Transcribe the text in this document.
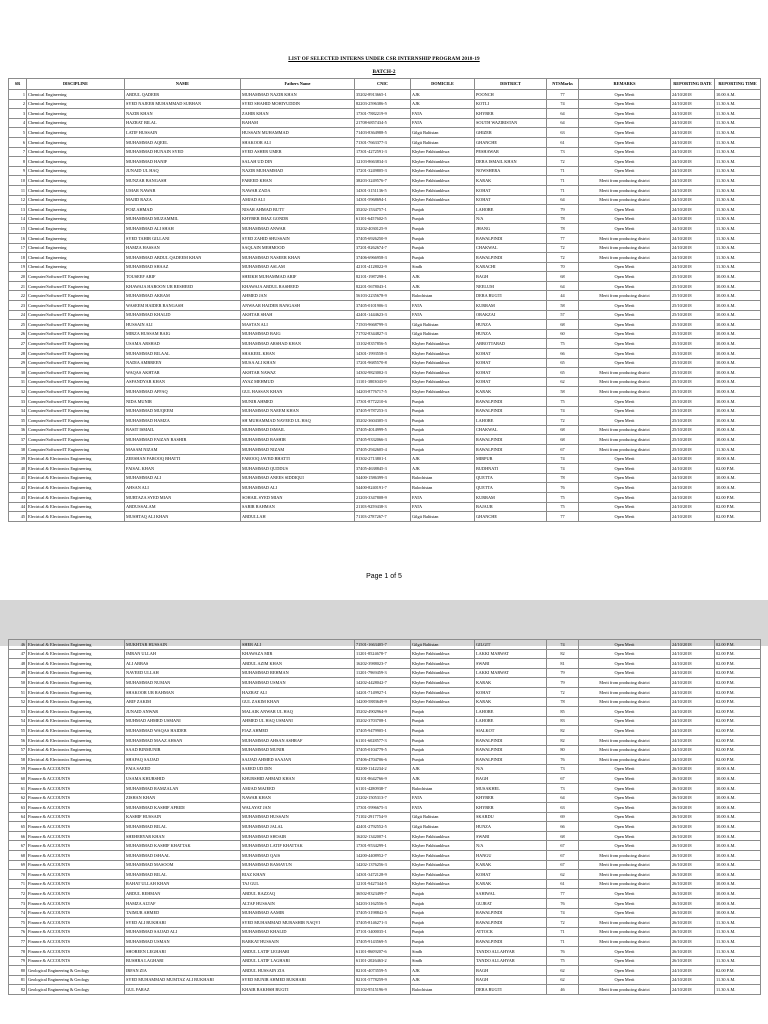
LIST OF SELECTED INTERNS UNDER CSR INTERNSHIP PROGRAM 2018-19
BATCH-2
SR	DISCIPLINE	NAME	Fathers Name	CNIC	DOMICILE	DISTRICT	NTSMarks	REMARKS	REPORTING DATE	REPORTING TIME
1	Chemical Engineering	ABDUL QADEER	MUHAMMAD NAZIR KHAN	35202-8913665-1	AJK	POONCH	77	Open Merit	24/10/2018	10.00 A.M.
2	Chemical Engineering	SYED NAJEEB MUHAMMAD SUBHAN	SYED SHAHID MOHIYUDDIN	82203-2596386-5	AJK	KOTLI	74	Open Merit	24/10/2018	11.30 A.M.
3	Chemical Engineering	NAZIR KHAN	ZAHIR KHAN	17301-7882219-9	FATA	KHYBER	64	Open Merit	24/10/2018	11.30 A.M.
4	Chemical Engineering	HAZRAT BILAL	BAHAM	21708-6857434-5	FATA	SOUTH WAZIRISTAN	64	Open Merit	24/10/2018	11.30 A.M.
5	Chemical Engineering	LATIF HUSSAIN	HUSSAIN MUHAMMAD	71403-8364988-5	Gilgit Baltistan	GHIZER	63	Open Merit	24/10/2018	11.30 A.M.
6	Chemical Engineering	MUHAMMAD AQEEL	SHAKOOR ALI	71301-7663377-3	Gilgit Baltistan	GHANCHE	61	Open Merit	24/10/2018	11.30 A.M.
7	Chemical Engineering	MUHAMMAD HUNAIN SYED	SYED ASHER UMER	17301-4272591-3	Khyber Pakhtunkhwa	PESHAWAR	73	Open Merit	24/10/2018	11.30 A.M.
8	Chemical Engineering	MUHAMMAD HANIF	SALAH UD DIN	12103-8663834-3	Khyber Pakhtunkhwa	DERA ISMAIL KHAN	72	Open Merit	24/10/2018	11.30 A.M.
9	Chemical Engineering	JUNAID UL HAQ	NAZIR MUHAMMAD	17201-3249805-3	Khyber Pakhtunkhwa	NOWSHERA	71	Open Merit	24/10/2018	11.30 A.M.
10	Chemical Engineering	MUNZAR BANGASH	FAREED KHAN	38203-3249576-7	Khyber Pakhtunkhwa	KARAK	71	Merit from producing district	24/10/2018	11.30 A.M.
11	Chemical Engineering	UMAR NAWAB	NAWAB ZADA	14301-3151136-5	Khyber Pakhtunkhwa	KOHAT	71	Merit from producing district	24/10/2018	11.30 A.M.
12	Chemical Engineering	MAJID RAZA	AMJAD ALI	14301-5968694-1	Khyber Pakhtunkhwa	KOHAT	64	Merit from producing district	24/10/2018	11.30 A.M.
13	Chemical Engineering	FOIZ AHMAD	NISAR AHMAD BUTT	35202-1534757-1	Punjab	LAHORE	79	Open Merit	24/10/2018	11.30 A.M.
14	Chemical Engineering	MUHAMMAD MUZAMMIL	KHYBER IMAZ GONDR	61101-6457602-5	Punjab	N/A	78	Open Merit	24/10/2018	11.30 A.M.
15	Chemical Engineering	MUHAMMAD ALI SHAH	MUHAMMAD ANWAR	33202-4030125-9	Punjab	JHANG	78	Open Merit	24/10/2018	11.30 A.M.
16	Chemical Engineering	SYED TAHIR GILLANI	SYED ZAHID SHUSSAIN	37405-6926250-9	Punjab	RAWALPINDI	77	Merit from producing district	24/10/2018	11.30 A.M.
17	Chemical Engineering	HAMZA HASSAN	SAQLAIN MEHMOOD	37201-8262674-7	Punjab	CHAKWAL	72	Merit from producing district	24/10/2018	11.30 A.M.
18	Chemical Engineering	MUHAMMAD ABDUL QADEEM KHAN	MUHAMMAD NASEER KHAN	37406-6966958-3	Punjab	RAWALPINDI	72	Merit from producing district	24/10/2018	11.30 A.M.
19	Chemical Engineering	MUHAMMAD SHAAZ	MUHAMMAD ASLAM	42101-4128022-9	Sindh	KARACHI	70	Open Merit	24/10/2018	11.30 A.M.
20	Computer/Software/IT Engineering	TOUSEEF ARIF	SHEIKH MUHAMMAD ARIF	82101-1987298-1	AJK	BAGH	68	Open Merit	25/10/2018	10.00 A.M.
21	Computer/Software/IT Engineering	KHAWAJA HAROON UR RESHEED	KHAWAJA ABDUL RASHEED	82201-5678043-1	AJK	NEELUM	64	Open Merit	25/10/2018	10.00 A.M.
22	Computer/Software/IT Engineering	MUHAMMAD AKRAM	AHMED JAN	56103-2235678-9	Balochistan	DERA BUGTI	44	Merit from producing district	25/10/2018	10.00 A.M.
23	Computer/Software/IT Engineering	WASEEM HAIDER BANGASH	ANWAAR HAIDER BANGASH	37405-0101906-3	FATA	KURRAM	58	Open Merit	25/10/2018	10.00 A.M.
24	Computer/Software/IT Engineering	MUHAMMAD KHALID	AKHTAR SHAH	42401-1444623-3	FATA	ORAKZAI	57	Open Merit	25/10/2018	10.00 A.M.
25	Computer/Software/IT Engineering	HUSSAIN ALI	MASTAN ALI	71503-9668799-3	Gilgit Baltistan	HUNZA	68	Open Merit	25/10/2018	10.00 A.M.
26	Computer/Software/IT Engineering	MIRZA HUSSAM BAIG	MUHAMMAD BAIG	71702-8344827-3	Gilgit Baltistan	HUNZA	60	Open Merit	25/10/2018	10.00 A.M.
27	Computer/Software/IT Engineering	USAMA ARSHAD	MUHAMMAD ARSHAD KHAN	13102-8357856-5	Khyber Pakhtunkhwa	ABBOTTABAD	75	Open Merit	25/10/2018	10.00 A.M.
28	Computer/Software/IT Engineering	MUHAMMAD BILAAL	SHAKEEL KHAN	14301-1993558-3	Khyber Pakhtunkhwa	KOHAT	66	Open Merit	25/10/2018	10.00 A.M.
29	Computer/Software/IT Engineering	NADIA AMBREEN	MUSA ALI KHAN	17201-9685570-8	Khyber Pakhtunkhwa	KOHAT	65	Open Merit	25/10/2018	10.00 A.M.
30	Computer/Software/IT Engineering	WAQAS AKHTAR	AKHTAR NAWAZ	14302-9823002-3	Khyber Pakhtunkhwa	KOHAT	65	Merit from producing district	25/10/2018	10.00 A.M.
31	Computer/Software/IT Engineering	ASFANDYAR KHAN	AYAZ MEHMUD	11101-3803043-9	Khyber Pakhtunkhwa	KOHAT	62	Merit from producing district	25/10/2018	10.00 A.M.
32	Computer/Software/IT Engineering	MUHAMMAD AFFAQ	GUL HASSAN KHAN	14203-8776717-5	Khyber Pakhtunkhwa	KARAK	58	Merit from producing district	25/10/2018	10.00 A.M.
33	Computer/Software/IT Engineering	NIDA MUNIR	MUNIR AHMED	17301-8772210-6	Punjab	RAWALPINDI	75	Open Merit	25/10/2018	10.00 A.M.
34	Computer/Software/IT Engineering	MUHAMMAD MUQEEM	MUHAMMAD NAEEM KHAN	37405-9787253-3	Punjab	RAWALPINDI	74	Open Merit	25/10/2018	10.00 A.M.
35	Computer/Software/IT Engineering	MUHAMMAD HAMZA	SH MUHAMMAD NAVEED UL HAQ	35202-3604305-3	Punjab	LAHORE	72	Open Merit	25/10/2018	10.00 A.M.
36	Computer/Software/IT Engineering	BASIT ISMAIL	MUHAMMAD ISMAIL	37405-4014999-5	Punjab	CHAKWAL	68	Merit from producing district	25/10/2018	10.00 A.M.
37	Computer/Software/IT Engineering	MUHAMMAD FAIZAN BASHIR	MUHAMMAD BASHIR	37405-9332066-3	Punjab	RAWALPINDI	68	Merit from producing district	25/10/2018	10.00 A.M.
38	Computer/Software/IT Engineering	MASAM NIZAM	MUHAMMAD NIZAM	37405-2942605-4	Punjab	RAWALPINDI	67	Merit from producing district	25/10/2018	11.30 A.M.
39	Electrical & Electronics Engineering	ZEESHAN FAROOQ BHATTI	FAROOQ JAVED BHATTI	81302-2713801-1	AJK	MIRPUR	74	Open Merit	24/10/2018	10.00 A.M.
40	Electrical & Electronics Engineering	FAISAL KHAN	MUHAMMAD QUDDUS	37405-4638845-3	AJK	BUDHNATI	74	Open Merit	24/10/2018	02.00 P.M.
41	Electrical & Electronics Engineering	MUHAMMAD ALI	MUHAMMAD ANEES SIDDIQUI	54400-1586399-3	Balochistan	QUETTA	78	Open Merit	24/10/2018	10.00 A.M.
42	Electrical & Electronics Engineering	AHSAN ALI	MUHAMMAD ALI	54400-8240191-7	Balochistan	QUETTA	76	Open Merit	24/10/2018	10.00 A.M.
43	Electrical & Electronics Engineering	MURTAZA SYED MIAN	SOHAIL SYED MIAN	21203-3347808-9	FATA	KURRAM	75	Open Merit	24/10/2018	02.00 P.M.
44	Electrical & Electronics Engineering	ABDUSSALAM	SABIR RAHMAN	21103-9259438-3	FATA	BAJAUR	75	Open Merit	24/10/2018	02.00 P.M.
45	Electrical & Electronics Engineering	MUSHTAQ ALI KHAN	ABDULLAH	71103-2787267-7	Gilgit Baltistan	GHANCHE	77	Open Merit	24/10/2018	02.00 P.M.
Page 1 of 5
46	Electrical & Electronics Engineering	MUKHTAR HUSSAIN	SHER ALI	71501-1663405-7	Gilgit Baltistan	GILGIT	74	Open Merit	24/10/2018	02.00 P.M.
47	Electrical & Electronics Engineering	IMRAN ULLAH	KHAWAZA MIR	11201-8524678-7	Khyber Pakhtunkhwa	LAKKI MARWAT	82	Open Merit	24/10/2018	02.00 P.M.
48	Electrical & Electronics Engineering	ALI ABBAS	ABDUL AZIM KHAN	16202-3988023-7	Khyber Pakhtunkhwa	SWABI	81	Open Merit	24/10/2018	02.00 P.M.
49	Electrical & Electronics Engineering	NAVEED ULLAH	MUHAMMAD REHMAN	11201-7969459-3	Khyber Pakhtunkhwa	LAKKI MARWAT	79	Open Merit	24/10/2018	02.00 P.M.
50	Electrical & Electronics Engineering	MUHAMMAD NUMAN	MUHAMMAD USMAN	14202-4428042-7	Khyber Pakhtunkhwa	KARAK	79	Merit from producing district	24/10/2018	02.00 P.M.
51	Electrical & Electronics Engineering	SHAKOOR UR RAHMAN	HAZRAT ALI	14201-7149927-1	Khyber Pakhtunkhwa	KOHAT	72	Merit from producing district	24/10/2018	02.00 P.M.
52	Electrical & Electronics Engineering	ARIF ZAKIM	GUL ZAKIM KHAN	14200-5883649-9	Khyber Pakhtunkhwa	KARAK	78	Merit from producing district	24/10/2018	02.00 P.M.
53	Electrical & Electronics Engineering	JUNAID ANWAR	MALAIK ANWAR UL HAQ	35202-4902964-9	Punjab	LAHORE	85	Open Merit	24/10/2018	02.00 P.M.
54	Electrical & Electronics Engineering	MUHMAD AHMED USMANI	AHMED UL HAQ USMANI	35202-3703708-1	Punjab	LAHORE	83	Open Merit	24/10/2018	02.00 P.M.
55	Electrical & Electronics Engineering	MUHAMMAD WAQAS HAIDER	FIAZ AHMED	37405-9479905-1	Punjab	SIALKOT	82	Open Merit	24/10/2018	02.00 P.M.
56	Electrical & Electronics Engineering	MUHAMMAD MAAZ AHSAN	MUHAMMAD AHSAN ASHRAF	61101-6028577-3	Punjab	RAWALPINDI	82	Merit from producing district	24/10/2018	02.00 P.M.
57	Electrical & Electronics Engineering	SAAD BINMUNIR	MUHAMMAD MUNIR	37405-0104779-5	Punjab	RAWALPINDI	80	Merit from producing district	24/10/2018	02.00 P.M.
58	Electrical & Electronics Engineering	SHAFAQ SAJJAD	SAJJAD AHMED SAAJAN	37406-4704706-6	Punjab	RAWALPINDI	76	Merit from producing district	24/10/2018	02.00 P.M.
59	Finance & ACCOUNTS	FAIA SAEED	SAEED UD DIN	82200-1142234-2	AJK	N/A	73	Open Merit	26/10/2018	10.00 A.M.
60	Finance & ACCOUNTS	USAMA KHURSHID	KHURSHID AHMAD KHAN	82101-8642766-9	AJK	BAGH	67	Open Merit	26/10/2018	10.00 A.M.
61	Finance & ACCOUNTS	MUHAMMAD RAMZALAN	AMJAD MAJEED	61101-4280938-7	Balochistan	MUSAKHEL	73	Open Merit	26/10/2018	10.00 A.M.
62	Finance & ACCOUNTS	ZISHAN KHAN	NAWAB KHAN	21202-1505313-7	FATA	KHYBER	64	Open Merit	26/10/2018	10.00 A.M.
63	Finance & ACCOUNTS	MUHAMMAD KASHIF AFRIDI	WALAYAT JAN	17301-5996675-3	FATA	KHYBER	63	Open Merit	26/10/2018	10.00 A.M.
64	Finance & ACCOUNTS	KASHIF HUSSAIN	MUHAMMAD HUSSAIN	71102-2917754-9	Gilgit Baltistan	SKARDU	69	Open Merit	26/10/2018	10.00 A.M.
65	Finance & ACCOUNTS	MUHAMMAD BILAL	MUHAMMAD JALAL	42401-2792552-5	Gilgit Baltistan	HUNZA	66	Open Merit	26/10/2018	10.00 A.M.
66	Finance & ACCOUNTS	SHEHERYAR KHAN	MUHAMMAD SHOAIB	16202-1342007-1	Khyber Pakhtunkhwa	SWABI	68	Open Merit	26/10/2018	10.00 A.M.
67	Finance & ACCOUNTS	MUHAMMAD KASHIF KHATTAK	MUHAMMAD LATIF KHATTAK	17301-9534299-1	Khyber Pakhtunkhwa	N/A	67	Open Merit	26/10/2018	10.00 A.M.
68	Finance & ACCOUNTS	MUHAMMAD ISHAAL	MUHAMMAD QAIS	14200-4408952-7	Khyber Pakhtunkhwa	HANGU	67	Merit from producing district	26/10/2018	10.00 A.M.
69	Finance & ACCOUNTS	MUHAMMAD MASOOM	MUHAMMAD RAMAYUN	14202-1376256-3	Khyber Pakhtunkhwa	KARAK	67	Merit from producing district	26/10/2018	10.00 A.M.
70	Finance & ACCOUNTS	MUHAMMAD BILAL	RIAZ KHAN	14301-3472128-9	Khyber Pakhtunkhwa	KOHAT	62	Merit from producing district	26/10/2018	10.00 A.M.
71	Finance & ACCOUNTS	RAHAT ULLAH KHAN	TAJ GUL	12101-9427344-5	Khyber Pakhtunkhwa	KARAK	61	Merit from producing district	26/10/2018	10.00 A.M.
72	Finance & ACCOUNTS	ABDUL REHMAN	ABDUL RAZZAQ	36502-8323499-7	Punjab	SAHIWAL	77	Open Merit	26/10/2018	10.00 A.M.
73	Finance & ACCOUNTS	HAMZA ALTAF	ALTAF HUSSAIN	34203-3162556-5	Punjab	GUJRAT	76	Open Merit	26/10/2018	10.00 A.M.
74	Finance & ACCOUNTS	TAIMUR AHMED	MUHAMMAD AAMIR	37405-3198842-5	Punjab	RAWALPINDI	74	Open Merit	26/10/2018	10.00 A.M.
75	Finance & ACCOUNTS	SYED ALI BUKHARI	SYED MUHAMMAD MUBASHIR NAQVI	37405-8146271-3	Punjab	RAWALPINDI	72	Merit from producing district	26/10/2018	11.30 A.M.
76	Finance & ACCOUNTS	MUHAMMAD SAJJAD ALI	MUHAMMAD KHALID	37101-3400035-1	Punjab	ATTOCK	71	Merit from producing district	26/10/2018	11.30 A.M.
77	Finance & ACCOUNTS	MUHAMMAD USMAN	BARKAT HUSSAIN	37405-9143569-5	Punjab	RAWALPINDI	71	Merit from producing district	26/10/2018	11.30 A.M.
78	Finance & ACCOUNTS	SHOREEN LEGHARI	ABDUL LATIF LEGHARI	61101-8609207-6	Sindh	TANDO ALLAHYAR	76	Open Merit	26/10/2018	11.30 A.M.
79	Finance & ACCOUNTS	BUSHRA LAGHARI	ABDUL LATIF LAGHARI	61101-2026463-2	Sindh	TANDO ALLAHYAR	75	Open Merit	26/10/2018	11.30 A.M.
80	Geological Engineering & Geology	IRFAN ZIA	ABDUL HUSSAIN ZIA	82101-4073559-5	AJK	BAGH	62	Open Merit	24/10/2018	02.00 P.M.
81	Geological Engineering & Geology	SYED MUHAMMAD MUMTAZ ALI BUKHARI	SYED MUNIR AHMED BUKHARI	82101-5778259-9	AJK	BAGH	62	Open Merit	24/10/2018	11.30 A.M.
82	Geological Engineering & Geology	GUL FARAZ	KHAIR BAKHSH BUGTI	55102-9515196-9	Balochistan	DERA BUGTI	46	Merit from producing district	24/10/2018	11.30 A.M.
